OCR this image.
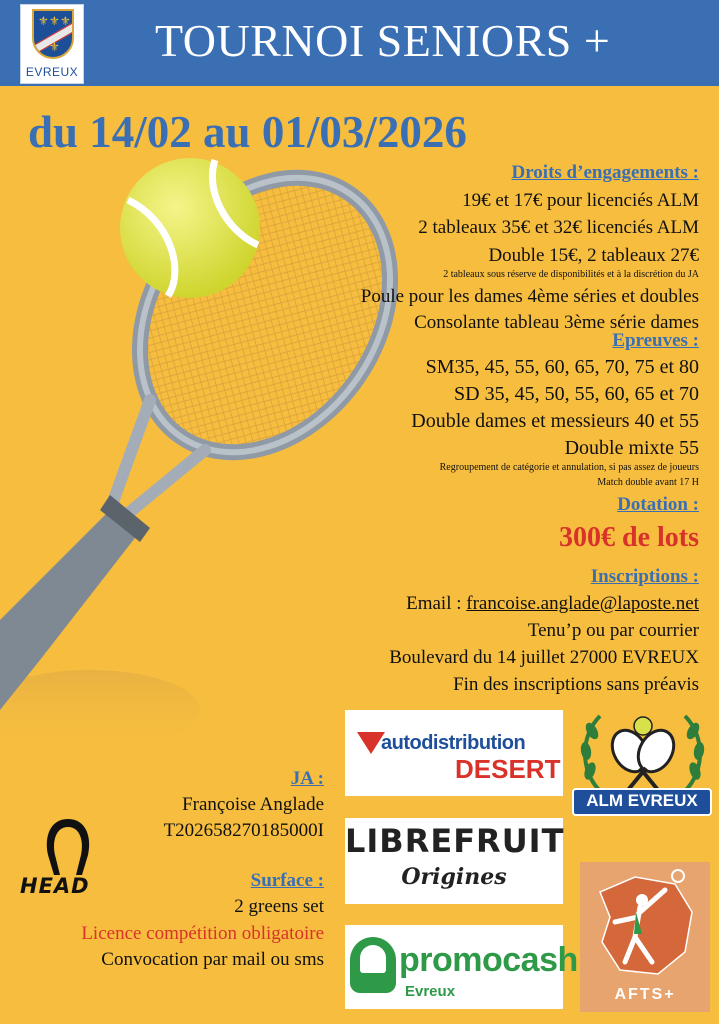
⚜ ⚜ ⚜
⚜
EVREUX
TOURNOI SENIORS +
du 14/02 au 01/03/2026
Droits d’engagements :
19€ et 17€ pour licenciés ALM
2 tableaux 35€ et 32€ licenciés ALM
Double 15€, 2 tableaux 27€
2 tableaux sous réserve de disponibilités et à la discrétion du JA
Poule pour les dames 4ème séries et doubles
Consolante tableau 3ème série dames
Epreuves :
SM35, 45, 55, 60, 65, 70, 75 et 80
SD 35, 45, 50, 55, 60, 65 et 70
Double dames et messieurs 40 et 55
Double mixte 55
Regroupement de catégorie et annulation, si pas assez de joueurs
Match double avant 17 H
Dotation :
300€ de lots
Inscriptions :
Email : francoise.anglade@laposte.net
Tenu’p ou par courrier
Boulevard du 14 juillet 27000 EVREUX
Fin des inscriptions sans préavis
JA :
Françoise Anglade
T202658270185000I
Surface :
2 greens set
Licence compétition obligatoire
Convocation par mail ou sms
HEAD
autodistribution
DESERT
LIBREFRUIT
Origines
promocash
Evreux
ALM EVREUX
AFTS+
